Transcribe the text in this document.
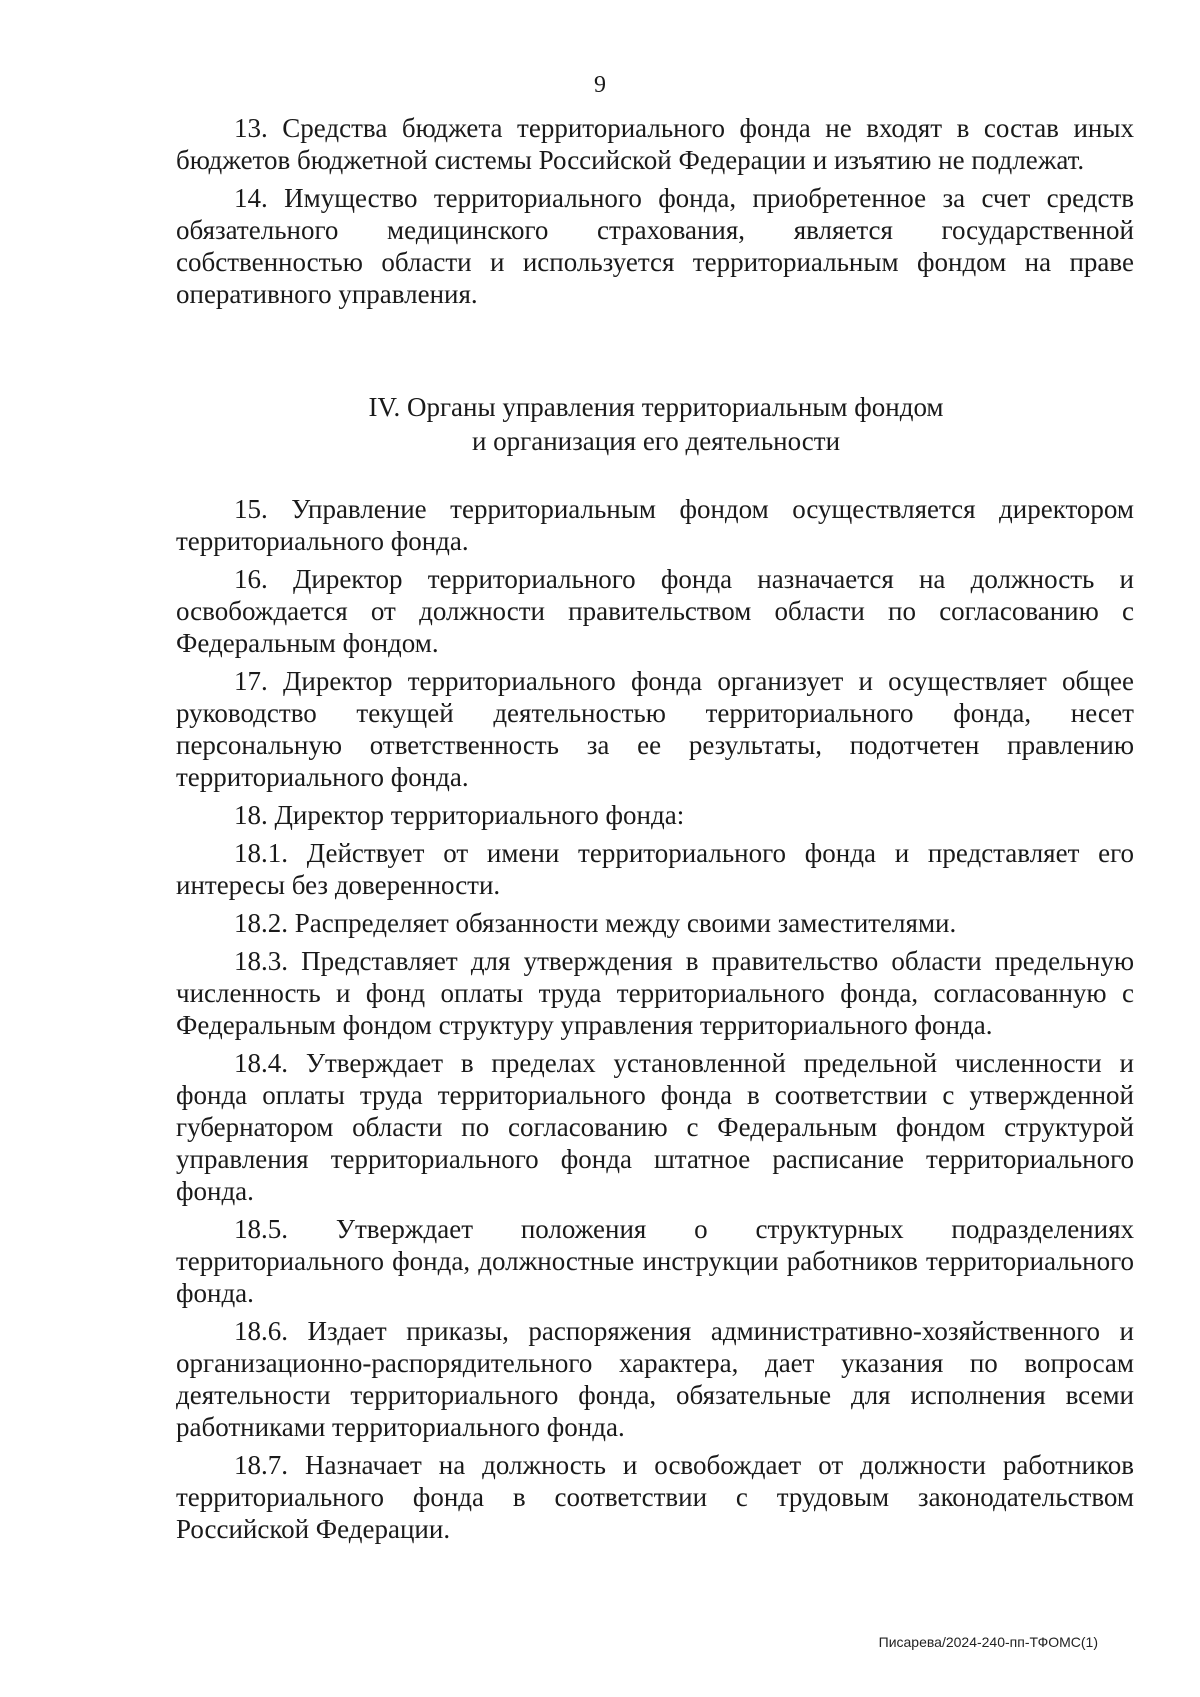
9

13. Средства бюджета территориального фонда не входят в состав иных бюджетов бюджетной системы Российской Федерации и изъятию не подлежат.

14. Имущество территориального фонда, приобретенное за счет средств обязательного медицинского страхования, является государственной собственностью области и используется территориальным фондом на праве оперативного управления.

IV. Органы управления территориальным фондом
и организация его деятельности

15. Управление территориальным фондом осуществляется директором территориального фонда.

16. Директор территориального фонда назначается на должность и освобождается от должности правительством области по согласованию с Федеральным фондом.

17. Директор территориального фонда организует и осуществляет общее руководство текущей деятельностью территориального фонда, несет персональную ответственность за ее результаты, подотчетен правлению территориального фонда.

18. Директор территориального фонда:

18.1. Действует от имени территориального фонда и представляет его интересы без доверенности.

18.2. Распределяет обязанности между своими заместителями.

18.3. Представляет для утверждения в правительство области предельную численность и фонд оплаты труда территориального фонда, согласованную с Федеральным фондом структуру управления территориального фонда.

18.4. Утверждает в пределах установленной предельной численности и фонда оплаты труда территориального фонда в соответствии с утвержденной губернатором области по согласованию с Федеральным фондом структурой управления территориального фонда штатное расписание территориального фонда.

18.5. Утверждает положения о структурных подразделениях территориального фонда, должностные инструкции работников территориального фонда.

18.6. Издает приказы, распоряжения административно-хозяйственного и организационно-распорядительного характера, дает указания по вопросам деятельности территориального фонда, обязательные для исполнения всеми работниками территориального фонда.

18.7. Назначает на должность и освобождает от должности работников территориального фонда в соответствии с трудовым законодательством Российской Федерации.

Писарева/2024-240-пп-ТФОМС(1)
